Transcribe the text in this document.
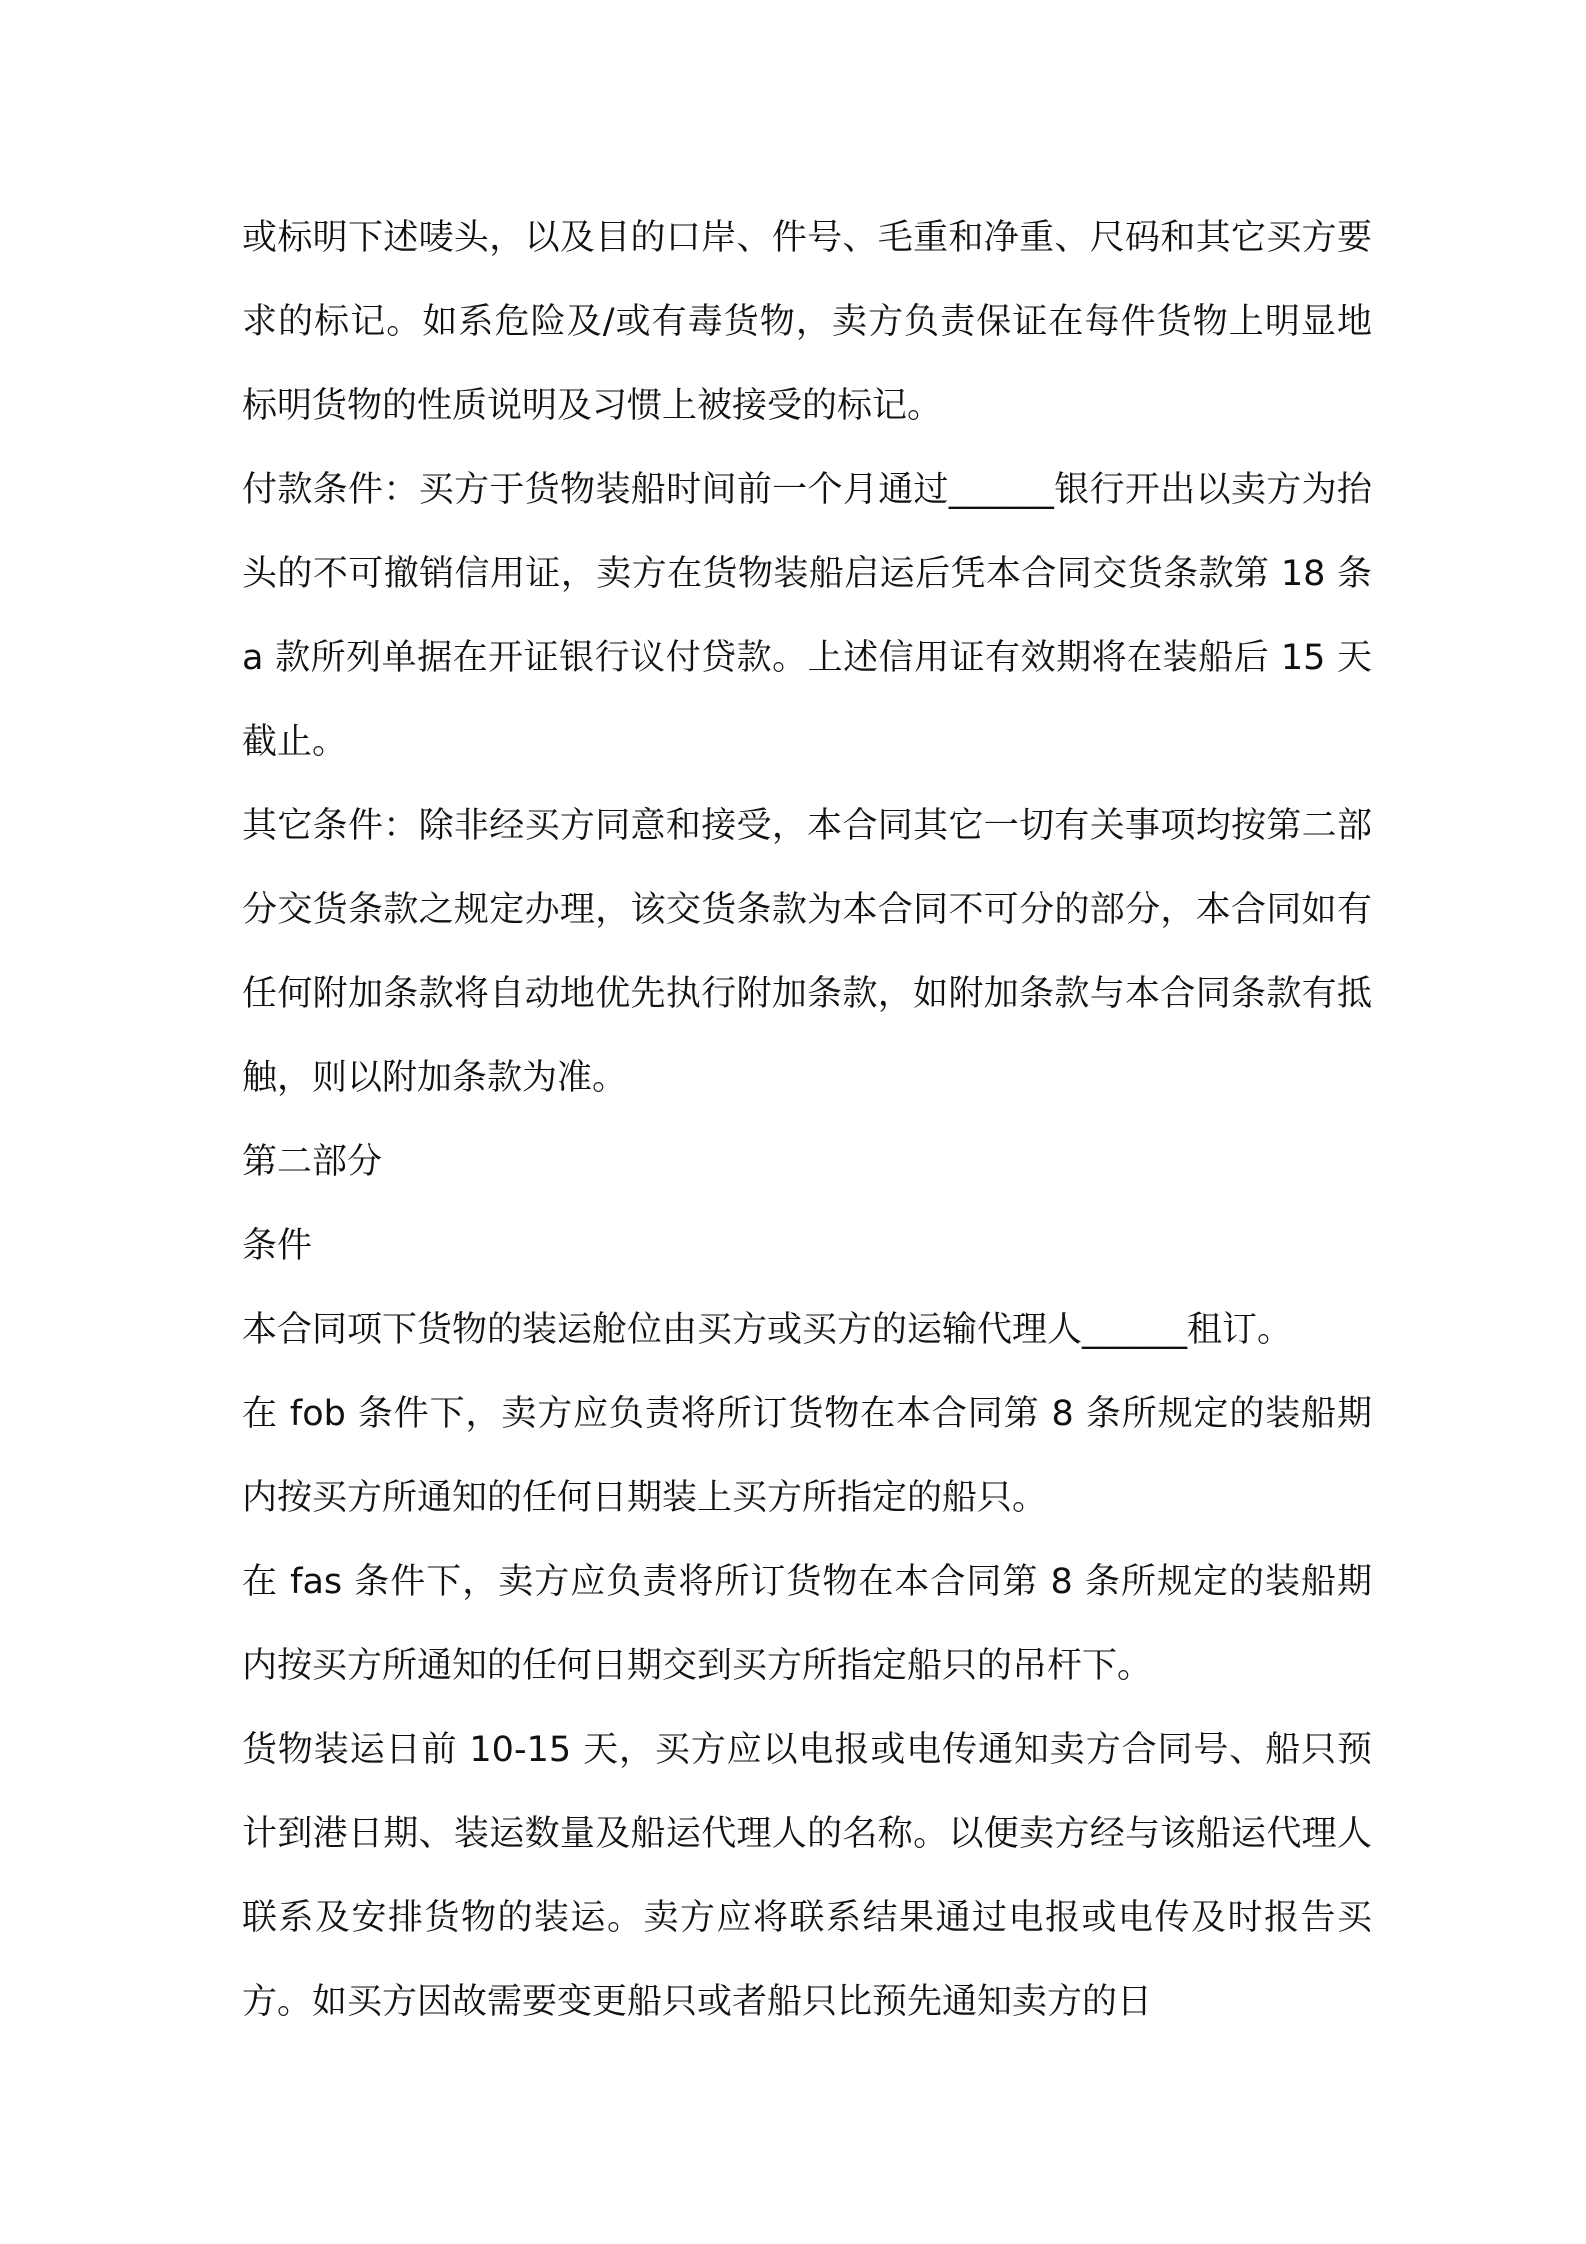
或标明下述唛头，以及目的口岸、件号、毛重和净重、尺码和其它买方要求的标记。如系危险及/或有毒货物，卖方负责保证在每件货物上明显地标明货物的性质说明及习惯上被接受的标记。

付款条件：买方于货物装船时间前一个月通过______银行开出以卖方为抬头的不可撤销信用证，卖方在货物装船启运后凭本合同交货条款第 18 条 a 款所列单据在开证银行议付贷款。上述信用证有效期将在装船后 15 天截止。

其它条件：除非经买方同意和接受，本合同其它一切有关事项均按第二部分交货条款之规定办理，该交货条款为本合同不可分的部分，本合同如有任何附加条款将自动地优先执行附加条款，如附加条款与本合同条款有抵触，则以附加条款为准。

第二部分

条件

本合同项下货物的装运舱位由买方或买方的运输代理人______租订。

在 fob 条件下，卖方应负责将所订货物在本合同第 8 条所规定的装船期内按买方所通知的任何日期装上买方所指定的船只。

在 fas 条件下，卖方应负责将所订货物在本合同第 8 条所规定的装船期内按买方所通知的任何日期交到买方所指定船只的吊杆下。

货物装运日前 10-15 天，买方应以电报或电传通知卖方合同号、船只预计到港日期、装运数量及船运代理人的名称。以便卖方经与该船运代理人联系及安排货物的装运。卖方应将联系结果通过电报或电传及时报告买方。如买方因故需要变更船只或者船只比预先通知卖方的日
